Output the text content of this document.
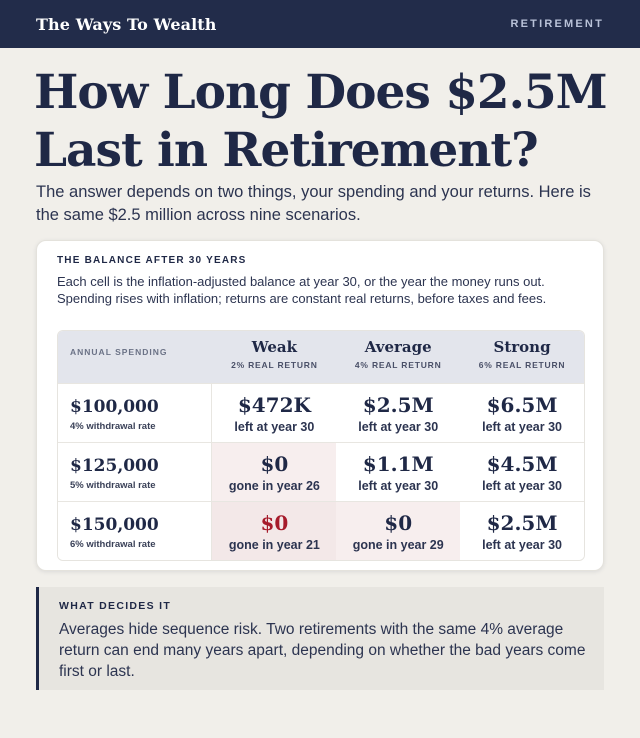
The Ways To Wealth	RETIREMENT
How Long Does $2.5M Last in Retirement?

The answer depends on two things, your spending and your returns. Here is the same $2.5 million across nine scenarios.

THE BALANCE AFTER 30 YEARS
Each cell is the inflation-adjusted balance at year 30, or the year the money runs out. Spending rises with inflation; returns are constant real returns, before taxes and fees.
ANNUAL SPENDING	Weak
2% REAL RETURN
Average
4% REAL RETURN
Strong
6% REAL RETURN
$100,000
4% withdrawal rate
$472K
left at year 30
$2.5M
left at year 30
$6.5M
left at year 30
$125,000
5% withdrawal rate
$0
gone in year 26
$1.1M
left at year 30
$4.5M
left at year 30
$150,000
6% withdrawal rate
$0
gone in year 21
$0
gone in year 29
$2.5M
left at year 30
WHAT DECIDES IT

Averages hide sequence risk. Two retirements with the same 4% average return can end many years apart, depending on whether the bad years come first or last.
